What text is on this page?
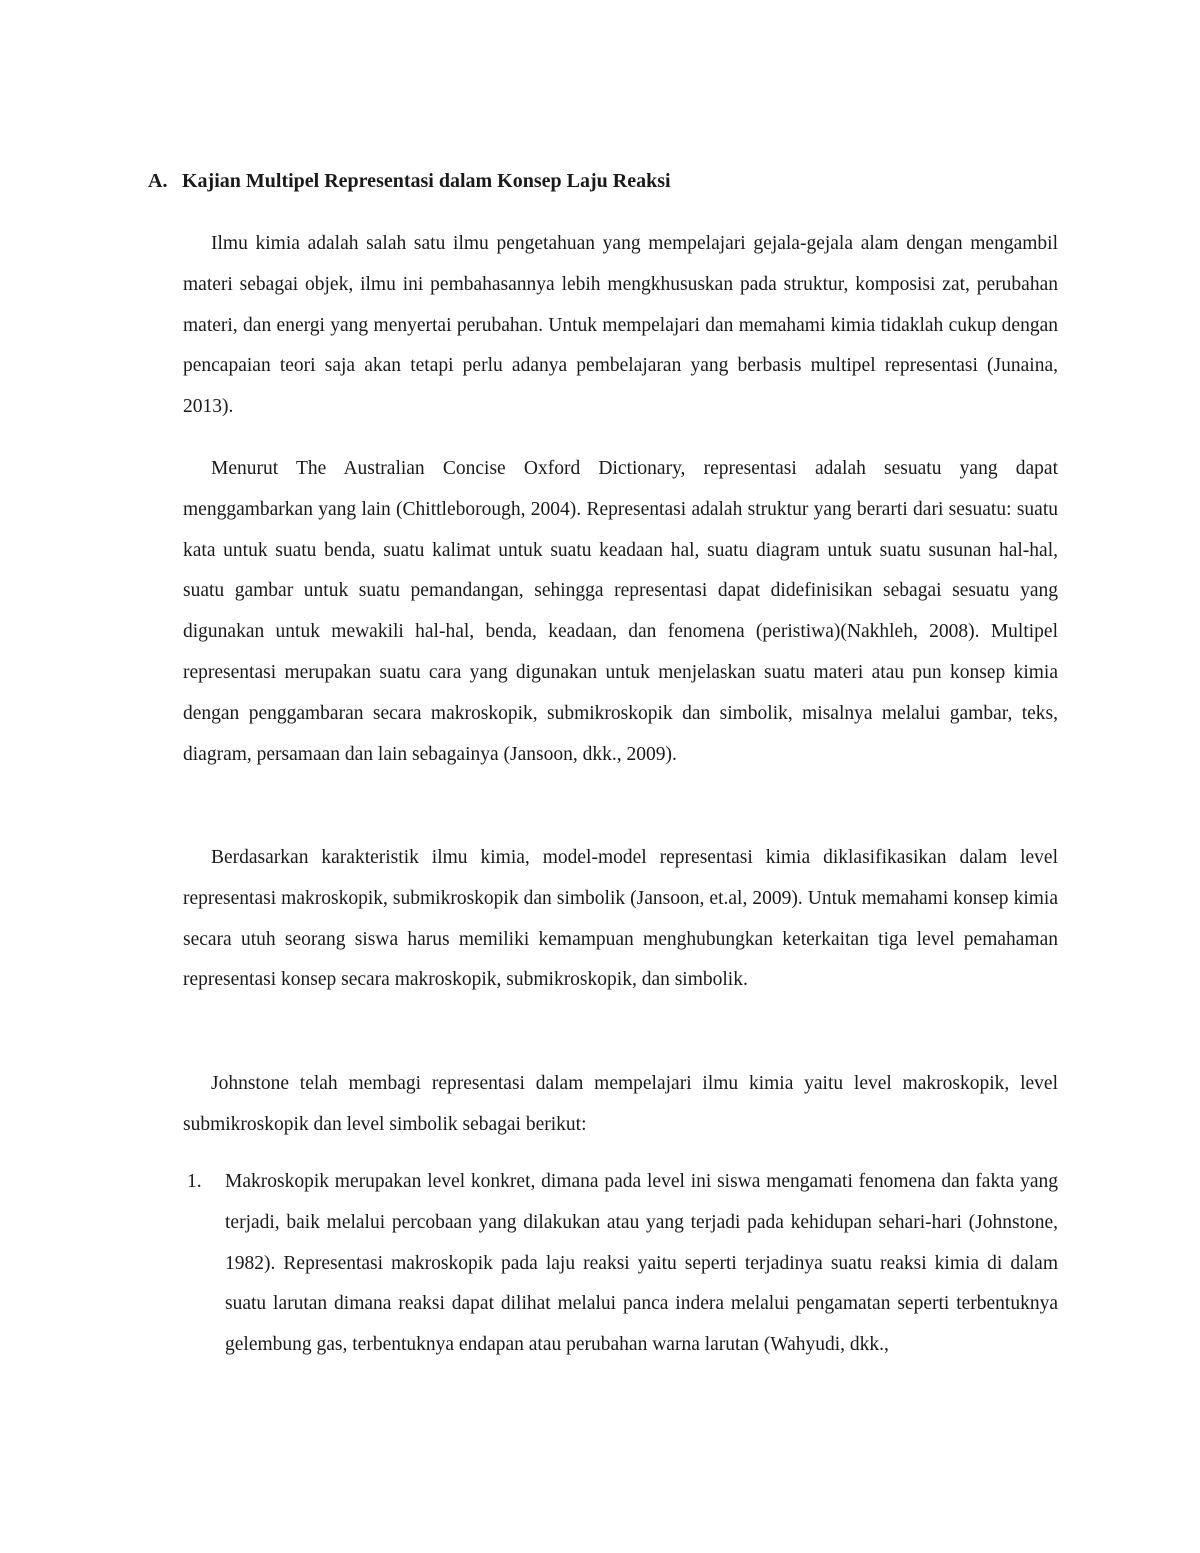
A. Kajian Multipel Representasi dalam Konsep Laju Reaksi

Ilmu kimia adalah salah satu ilmu pengetahuan yang mempelajari gejala-gejala alam dengan mengambil materi sebagai objek, ilmu ini pembahasannya lebih mengkhususkan pada struktur, komposisi zat, perubahan materi, dan energi yang menyertai perubahan. Untuk mempelajari dan memahami kimia tidaklah cukup dengan pencapaian teori saja akan tetapi perlu adanya pembelajaran yang berbasis multipel representasi (Junaina, 2013).

Menurut The Australian Concise Oxford Dictionary, representasi adalah sesuatu yang dapat menggambarkan yang lain (Chittleborough, 2004). Representasi adalah struktur yang berarti dari sesuatu: suatu kata untuk suatu benda, suatu kalimat untuk suatu keadaan hal, suatu diagram untuk suatu susunan hal-hal, suatu gambar untuk suatu pemandangan, sehingga representasi dapat didefinisikan sebagai sesuatu yang digunakan untuk mewakili hal-hal, benda, keadaan, dan fenomena (peristiwa)(Nakhleh, 2008). Multipel representasi merupakan suatu cara yang digunakan untuk menjelaskan suatu materi atau pun konsep kimia dengan penggambaran secara makroskopik, submikroskopik dan simbolik, misalnya melalui gambar, teks, diagram, persamaan dan lain sebagainya (Jansoon, dkk., 2009).

Berdasarkan karakteristik ilmu kimia, model-model representasi kimia diklasifikasikan dalam level representasi makroskopik, submikroskopik dan simbolik (Jansoon, et.al, 2009). Untuk memahami konsep kimia secara utuh seorang siswa harus memiliki kemampuan menghubungkan keterkaitan tiga level pemahaman representasi konsep secara makroskopik, submikroskopik, dan simbolik.

Johnstone telah membagi representasi dalam mempelajari ilmu kimia yaitu level makroskopik, level submikroskopik dan level simbolik sebagai berikut:

1. Makroskopik merupakan level konkret, dimana pada level ini siswa mengamati fenomena dan fakta yang terjadi, baik melalui percobaan yang dilakukan atau yang terjadi pada kehidupan sehari-hari (Johnstone, 1982). Representasi makroskopik pada laju reaksi yaitu seperti terjadinya suatu reaksi kimia di dalam suatu larutan dimana reaksi dapat dilihat melalui panca indera melalui pengamatan seperti terbentuknya gelembung gas, terbentuknya endapan atau perubahan warna larutan (Wahyudi, dkk.,
